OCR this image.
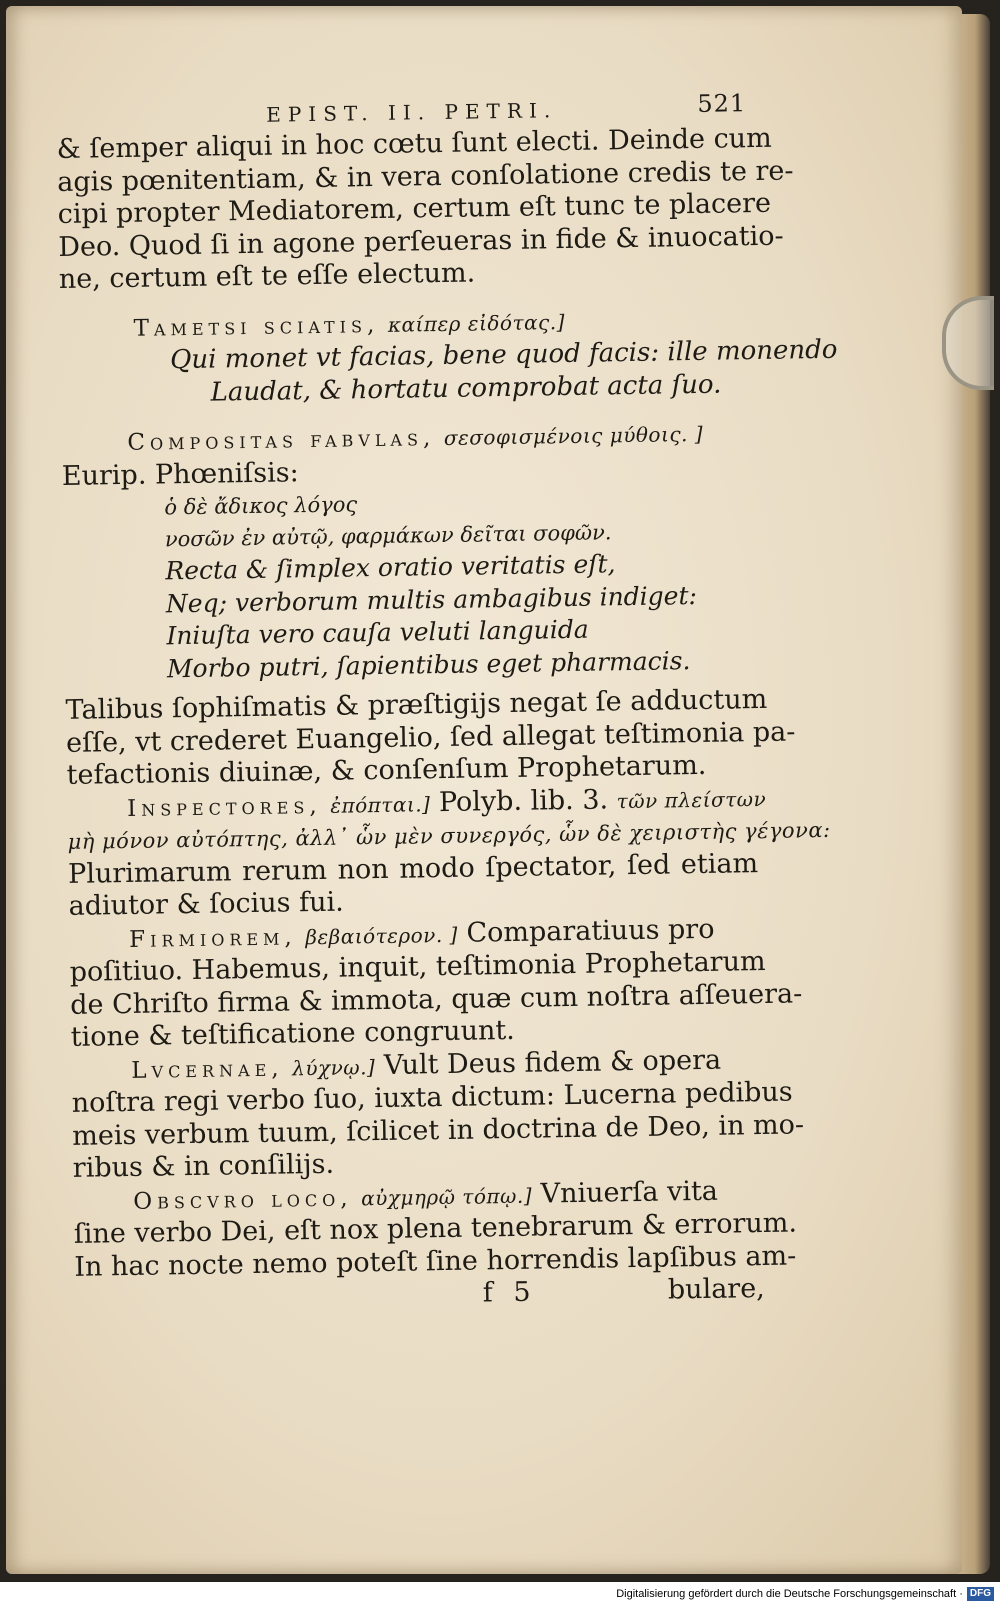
EPIST. II. PETRI.	521
& ſemper aliqui in hoc cœtu ſunt electi. Deinde cum
agis pœnitentiam, & in vera conſolatione credis te re-
cipi propter Mediatorem, certum eſt tunc te placere
Deo. Quod ſi in agone perſeueras in fide & inuocatio-
ne, certum eſt te eſſe electum.
Tametsi sciatis, καίπερ εἰδότας.]
Qui monet vt facias, bene quod facis: ille monendo
Laudat, & hortatu comprobat acta ſuo.
Compositas fabvlas, σεσοφισμένοις μύθοις. ]
Eurip. Phœniſsis:
ὁ δὲ ἄδικος λόγος
νοσῶν ἐν αὐτῷ, φαρμάκων δεῖται σοφῶν.
Recta & ſimplex oratio veritatis eſt,
Neq; verborum multis ambagibus indiget:
Iniuſta vero cauſa veluti languida
Morbo putri, ſapientibus eget pharmacis.
Talibus ſophiſmatis & præſtigijs negat ſe adductum
eſſe, vt crederet Euangelio, ſed allegat teſtimonia pa-
tefactionis diuinæ, & conſenſum Prophetarum.
Inspectores, ἐπόπται.] Polyb. lib. 3. τῶν πλείστων
μὴ μόνον αὐτόπτης, ἀλλ᾽ ὧν μὲν συνεργός, ὧν δὲ χειριστὴς γέγονα:
Plurimarum rerum non modo ſpectator, ſed etiam
adiutor & ſocius fui.
Firmiorem, βεβαιότερον. ] Comparatiuus pro
poſitiuo. Habemus, inquit, teſtimonia Prophetarum
de Chriſto firma & immota, quæ cum noſtra aſſeuera-
tione & teſtificatione congruunt.
Lvcernae, λύχνῳ.] Vult Deus fidem & opera
noſtra regi verbo ſuo, iuxta dictum: Lucerna pedibus
meis verbum tuum, ſcilicet in doctrina de Deo, in mo-
ribus & in conſilijs.
Obscvro loco, αὐχμηρῷ τόπῳ.] Vniuerſa vita
ſine verbo Dei, eſt nox plena tenebrarum & errorum.
In hac nocte nemo poteſt ſine horrendis lapſibus am-
f 5	bulare,
Digitalisierung gefördert durch die Deutsche Forschungsgemeinschaft · DFG
